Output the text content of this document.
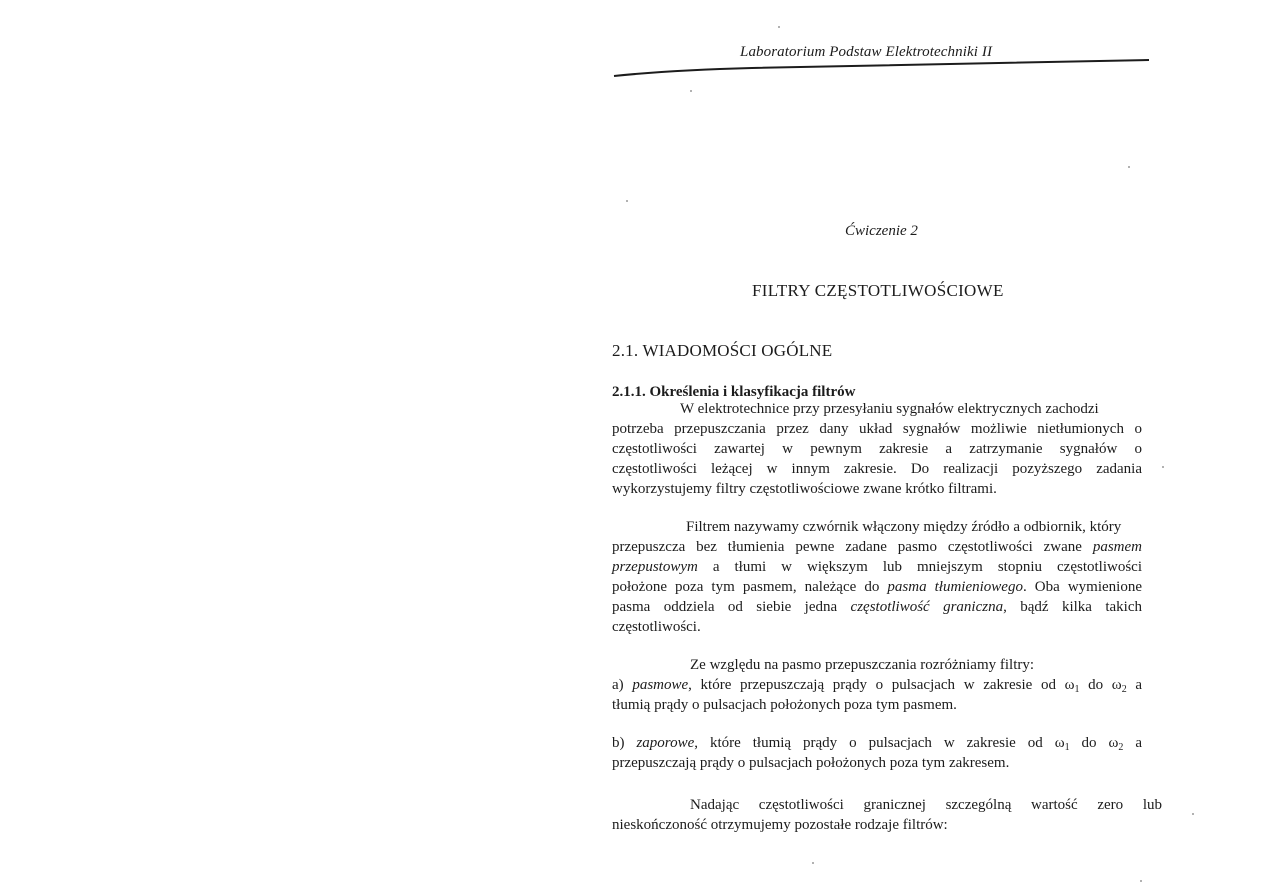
Laboratorium Podstaw Elektrotechniki II
Ćwiczenie 2
FILTRY CZĘSTOTLIWOŚCIOWE
2.1. WIADOMOŚCI OGÓLNE
2.1.1. Określenia i klasyfikacja filtrów
W elektrotechnice przy przesyłaniu sygnałów elektrycznych zachodzi
potrzeba przepuszczania przez dany układ sygnałów możliwie nietłumionych o
częstotliwości zawartej w pewnym zakresie a zatrzymanie sygnałów o
częstotliwości leżącej w innym zakresie. Do realizacji pozyższego zadania
wykorzystujemy filtry częstotliwościowe zwane krótko filtrami.
Filtrem nazywamy czwórnik włączony między źródło a odbiornik, który
przepuszcza bez tłumienia pewne zadane pasmo częstotliwości zwane pasmem
przepustowym a tłumi w większym lub mniejszym stopniu częstotliwości
położone poza tym pasmem, należące do pasma tłumieniowego. Oba wymienione
pasma oddziela od siebie jedna częstotliwość graniczna, bądź kilka takich
częstotliwości.
Ze względu na pasmo przepuszczania rozróżniamy filtry:
a) pasmowe, które przepuszczają prądy o pulsacjach w zakresie od $\omega_1$ do $\omega_2$ a
tłumią prądy o pulsacjach położonych poza tym pasmem.
b) zaporowe, które tłumią prądy o pulsacjach w zakresie od $\omega_1$ do $\omega_2$ a
przepuszczają prądy o pulsacjach położonych poza tym zakresem.
Nadając częstotliwości granicznej szczególną wartość zero lub
nieskończoność otrzymujemy pozostałe rodzaje filtrów:
